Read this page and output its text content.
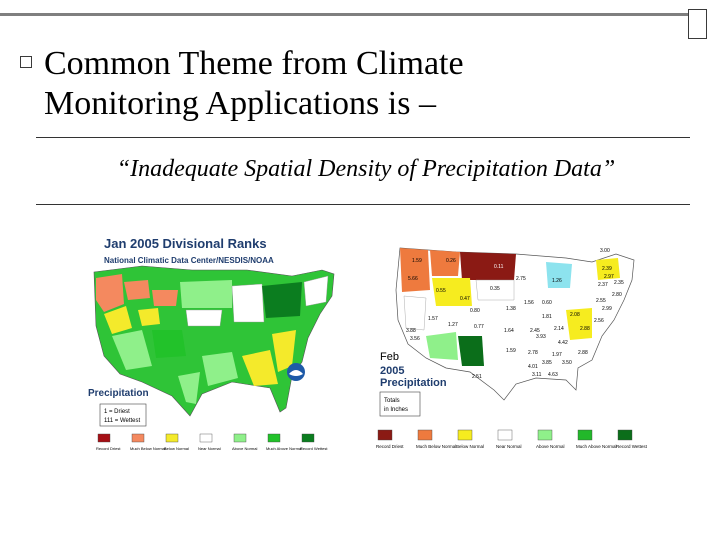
Common Theme from Climate
Monitoring Applications is –
“Inadequate Spatial Density of Precipitation Data”
Jan 2005 Divisional Ranks
National Climatic Data Center/NESDIS/NOAA
Precipitation
1 = Driest
111 = Wettest
Record Driest Much Below Normal
Below Normal Near Normal	Above Normal Much Above Normal
Record Wettest
1.59	0.26
0.11
5.66
0.55	0.35
0.47
2.75
1.56
1.26
2.37
0.80	1.38
1.57	1.81	2.08
3.88
0.77
1.64	2.45	2.14
1.27
2.88
3.56
2.56
1.59 2.78
4.42
1.97
2.51
4.01
3.85 3.50
3.11 4.63
2.88
3.00
2.39
2.97
2.35
2.80
2.55
2.99
0.60
3.93
Feb
2005
Precipitation
Totals
in Inches
Record Driest	Much Below Normal Below Normal	Near Normal	Above Normal	Much Above Normal Record Wettest
